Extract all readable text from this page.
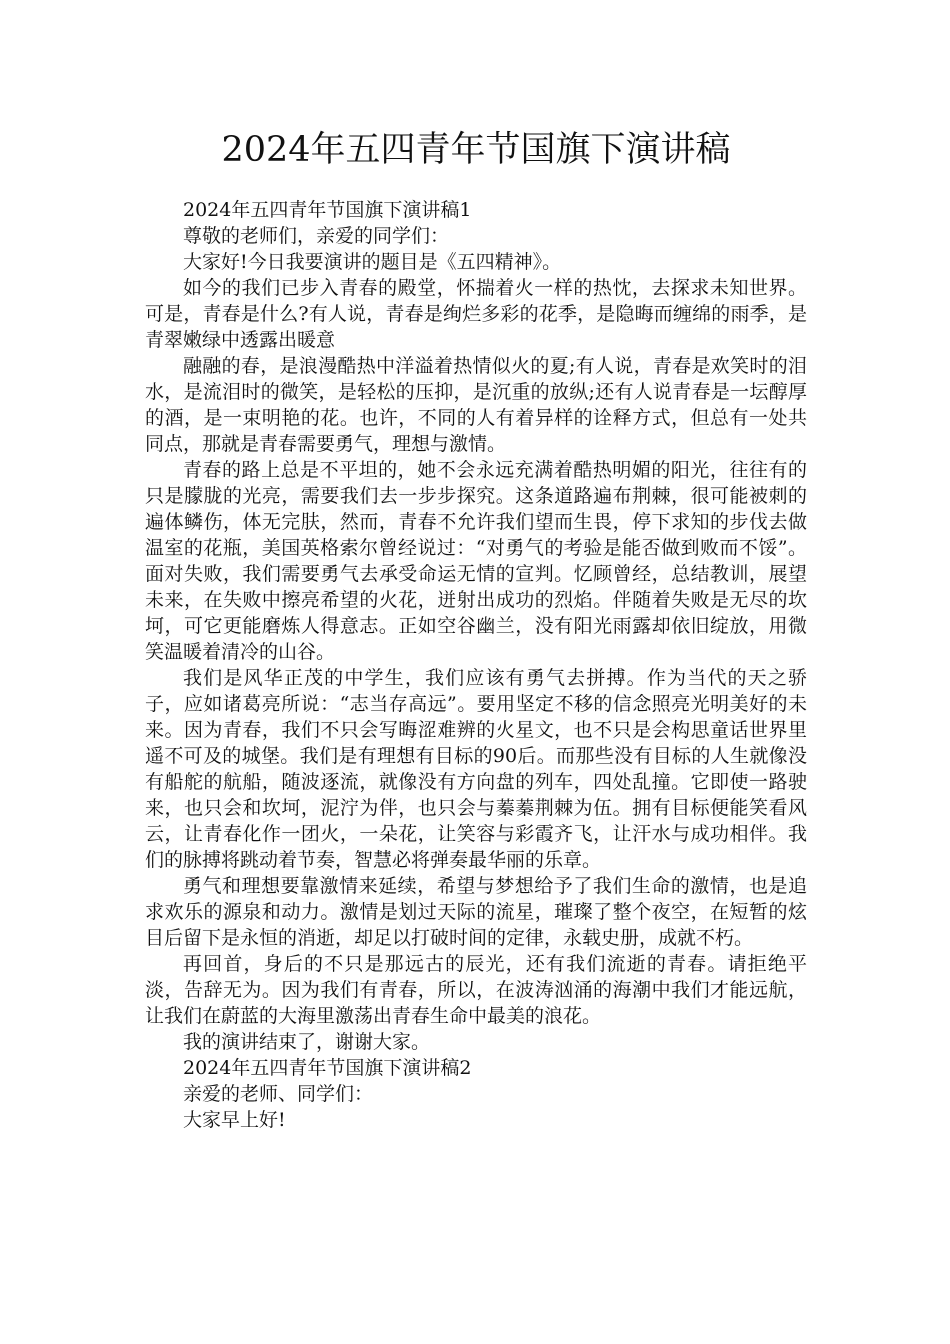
2024年五四青年节国旗下演讲稿

2024年五四青年节国旗下演讲稿1

尊敬的老师们，亲爱的同学们：

大家好!今日我要演讲的题目是《五四精神》。

如今的我们已步入青春的殿堂，怀揣着火一样的热忱，去探求未知世界。可是，青春是什么?有人说，青春是绚烂多彩的花季，是隐晦而缠绵的雨季，是青翠嫩绿中透露出暖意

融融的春，是浪漫酷热中洋溢着热情似火的夏;有人说，青春是欢笑时的泪水，是流泪时的微笑，是轻松的压抑，是沉重的放纵;还有人说青春是一坛醇厚的酒，是一束明艳的花。也许，不同的人有着异样的诠释方式，但总有一处共同点，那就是青春需要勇气，理想与激情。

青春的路上总是不平坦的，她不会永远充满着酷热明媚的阳光，往往有的只是朦胧的光亮，需要我们去一步步探究。这条道路遍布荆棘，很可能被刺的遍体鳞伤，体无完肤，然而，青春不允许我们望而生畏，停下求知的步伐去做温室的花瓶，美国英格索尔曾经说过：“对勇气的考验是能否做到败而不馁”。面对失败，我们需要勇气去承受命运无情的宣判。忆顾曾经，总结教训，展望未来，在失败中擦亮希望的火花，迸射出成功的烈焰。伴随着失败是无尽的坎坷，可它更能磨炼人得意志。正如空谷幽兰，没有阳光雨露却依旧绽放，用微笑温暖着清冷的山谷。

我们是风华正茂的中学生，我们应该有勇气去拼搏。作为当代的天之骄子，应如诸葛亮所说：“志当存高远”。要用坚定不移的信念照亮光明美好的未来。因为青春，我们不只会写晦涩难辨的火星文，也不只是会构思童话世界里遥不可及的城堡。我们是有理想有目标的90后。而那些没有目标的人生就像没有船舵的航船，随波逐流，就像没有方向盘的列车，四处乱撞。它即使一路驶来，也只会和坎坷，泥泞为伴，也只会与蓁蓁荆棘为伍。拥有目标便能笑看风云，让青春化作一团火，一朵花，让笑容与彩霞齐飞，让汗水与成功相伴。我们的脉搏将跳动着节奏，智慧必将弹奏最华丽的乐章。

勇气和理想要靠激情来延续，希望与梦想给予了我们生命的激情，也是追求欢乐的源泉和动力。激情是划过天际的流星，璀璨了整个夜空，在短暂的炫目后留下是永恒的消逝，却足以打破时间的定律，永载史册，成就不朽。

再回首，身后的不只是那远古的辰光，还有我们流逝的青春。请拒绝平淡，告辞无为。因为我们有青春，所以，在波涛汹涌的海潮中我们才能远航，让我们在蔚蓝的大海里激荡出青春生命中最美的浪花。

我的演讲结束了，谢谢大家。

2024年五四青年节国旗下演讲稿2

亲爱的老师、同学们：

大家早上好!
